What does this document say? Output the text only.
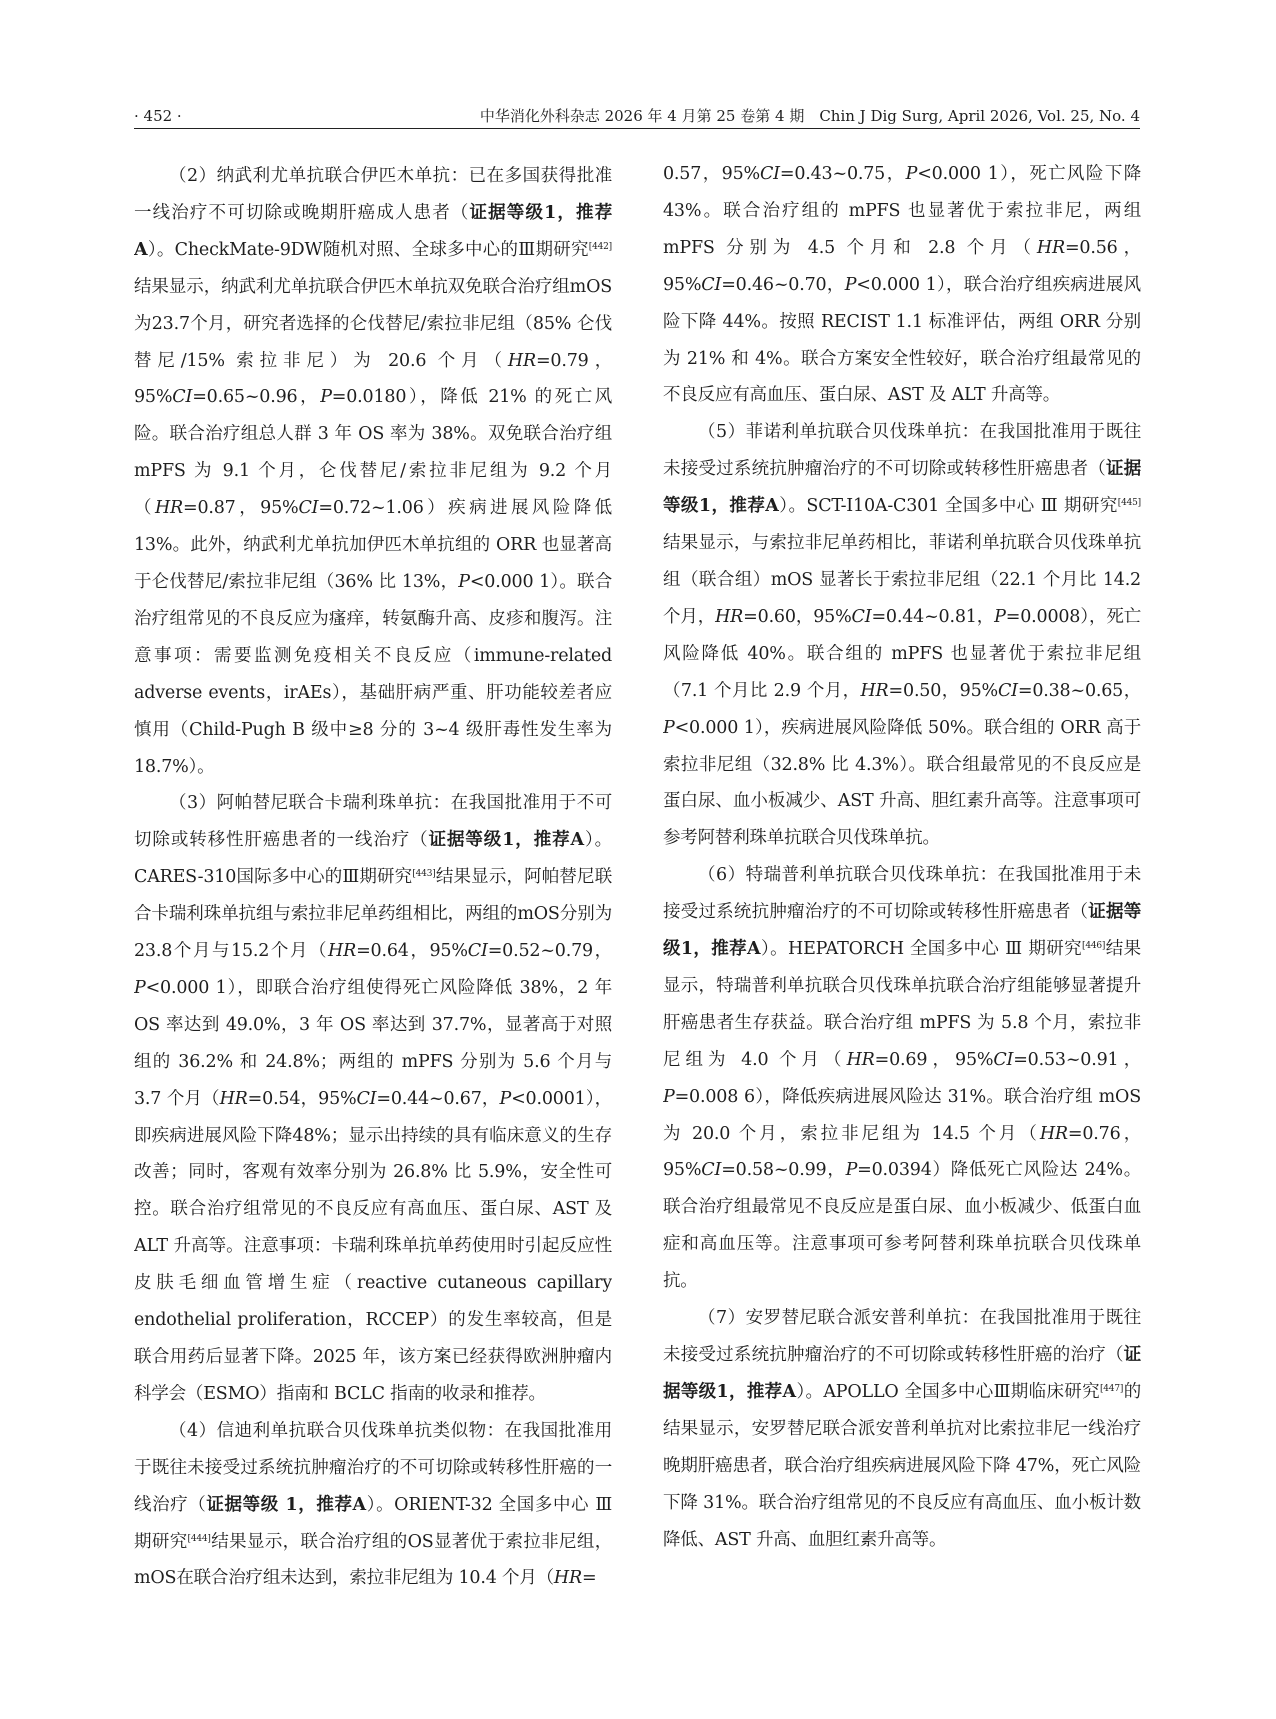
· 452 ·	中华消化外科杂志 2026 年 4 月第 25 卷第 4 期　Chin J Dig Surg, April 2026, Vol. 25, No. 4

（2）纳武利尤单抗联合伊匹木单抗：已在多国获得批准一线治疗不可切除或晚期肝癌成人患者（证据等级1，推荐A）。CheckMate-9DW随机对照、全球多中心的Ⅲ期研究[442]结果显示，纳武利尤单抗联合伊匹木单抗双免联合治疗组mOS为23.7个月，研究者选择的仑伐替尼/索拉非尼组（85% 仑伐替尼/15% 索拉非尼）为 20.6 个月（HR=0.79，95%CI=0.65~0.96，P=0.0180），降低 21% 的死亡风险。联合治疗组总人群 3 年 OS 率为 38%。双免联合治疗组 mPFS 为 9.1 个月，仑伐替尼/索拉非尼组为 9.2 个月（HR=0.87，95%CI=0.72~1.06）疾病进展风险降低13%。此外，纳武利尤单抗加伊匹木单抗组的 ORR 也显著高于仑伐替尼/索拉非尼组（36% 比 13%，P<0.000 1）。联合治疗组常见的不良反应为瘙痒，转氨酶升高、皮疹和腹泻。注意事项：需要监测免疫相关不良反应（immune-related adverse events，irAEs），基础肝病严重、肝功能较差者应慎用（Child-Pugh B 级中≥8 分的 3~4 级肝毒性发生率为 18.7%）。

（3）阿帕替尼联合卡瑞利珠单抗：在我国批准用于不可切除或转移性肝癌患者的一线治疗（证据等级1，推荐A）。CARES-310国际多中心的Ⅲ期研究[443]结果显示，阿帕替尼联合卡瑞利珠单抗组与索拉非尼单药组相比，两组的mOS分别为23.8个月与15.2个月（HR=0.64，95%CI=0.52~0.79，P<0.000 1），即联合治疗组使得死亡风险降低 38%，2 年 OS 率达到 49.0%，3 年 OS 率达到 37.7%，显著高于对照组的 36.2% 和 24.8%；两组的 mPFS 分别为 5.6 个月与 3.7 个月（HR=0.54，95%CI=0.44~0.67，P<0.0001），即疾病进展风险下降48%；显示出持续的具有临床意义的生存改善；同时，客观有效率分别为 26.8% 比 5.9%，安全性可控。联合治疗组常见的不良反应有高血压、蛋白尿、AST 及 ALT 升高等。注意事项：卡瑞利珠单抗单药使用时引起反应性皮肤毛细血管增生症（reactive cutaneous capillary endothelial proliferation，RCCEP）的发生率较高，但是联合用药后显著下降。2025 年，该方案已经获得欧洲肿瘤内科学会（ESMO）指南和 BCLC 指南的收录和推荐。

（4）信迪利单抗联合贝伐珠单抗类似物：在我国批准用于既往未接受过系统抗肿瘤治疗的不可切除或转移性肝癌的一线治疗（证据等级 1，推荐A）。ORIENT-32 全国多中心 Ⅲ 期研究[444]结果显示，联合治疗组的OS显著优于索拉非尼组，mOS在联合治疗组未达到，索拉非尼组为 10.4 个月（HR=

0.57，95%CI=0.43~0.75，P<0.000 1），死亡风险下降 43%。联合治疗组的 mPFS 也显著优于索拉非尼，两组 mPFS 分别为 4.5 个月和 2.8 个月（HR=0.56，95%CI=0.46~0.70，P<0.000 1），联合治疗组疾病进展风险下降 44%。按照 RECIST 1.1 标准评估，两组 ORR 分别为 21% 和 4%。联合方案安全性较好，联合治疗组最常见的不良反应有高血压、蛋白尿、AST 及 ALT 升高等。

（5）菲诺利单抗联合贝伐珠单抗：在我国批准用于既往未接受过系统抗肿瘤治疗的不可切除或转移性肝癌患者（证据等级1，推荐A）。SCT-I10A-C301 全国多中心 Ⅲ 期研究[445]结果显示，与索拉非尼单药相比，菲诺利单抗联合贝伐珠单抗组（联合组）mOS 显著长于索拉非尼组（22.1 个月比 14.2 个月，HR=0.60，95%CI=0.44~0.81，P=0.0008），死亡风险降低 40%。联合组的 mPFS 也显著优于索拉非尼组（7.1 个月比 2.9 个月，HR=0.50，95%CI=0.38~0.65，P<0.000 1），疾病进展风险降低 50%。联合组的 ORR 高于索拉非尼组（32.8% 比 4.3%）。联合组最常见的不良反应是蛋白尿、血小板减少、AST 升高、胆红素升高等。注意事项可参考阿替利珠单抗联合贝伐珠单抗。

（6）特瑞普利单抗联合贝伐珠单抗：在我国批准用于未接受过系统抗肿瘤治疗的不可切除或转移性肝癌患者（证据等级1，推荐A）。HEPATORCH 全国多中心 Ⅲ 期研究[446]结果显示，特瑞普利单抗联合贝伐珠单抗联合治疗组能够显著提升肝癌患者生存获益。联合治疗组 mPFS 为 5.8 个月，索拉非尼组为 4.0 个月（HR=0.69，95%CI=0.53~0.91，P=0.008 6），降低疾病进展风险达 31%。联合治疗组 mOS 为 20.0 个月，索拉非尼组为 14.5 个月（HR=0.76，95%CI=0.58~0.99，P=0.0394）降低死亡风险达 24%。联合治疗组最常见不良反应是蛋白尿、血小板减少、低蛋白血症和高血压等。注意事项可参考阿替利珠单抗联合贝伐珠单抗。

（7）安罗替尼联合派安普利单抗：在我国批准用于既往未接受过系统抗肿瘤治疗的不可切除或转移性肝癌的治疗（证据等级1，推荐A）。APOLLO 全国多中心Ⅲ期临床研究[447]的结果显示，安罗替尼联合派安普利单抗对比索拉非尼一线治疗晚期肝癌患者，联合治疗组疾病进展风险下降 47%，死亡风险下降 31%。联合治疗组常见的不良反应有高血压、血小板计数降低、AST 升高、血胆红素升高等。
